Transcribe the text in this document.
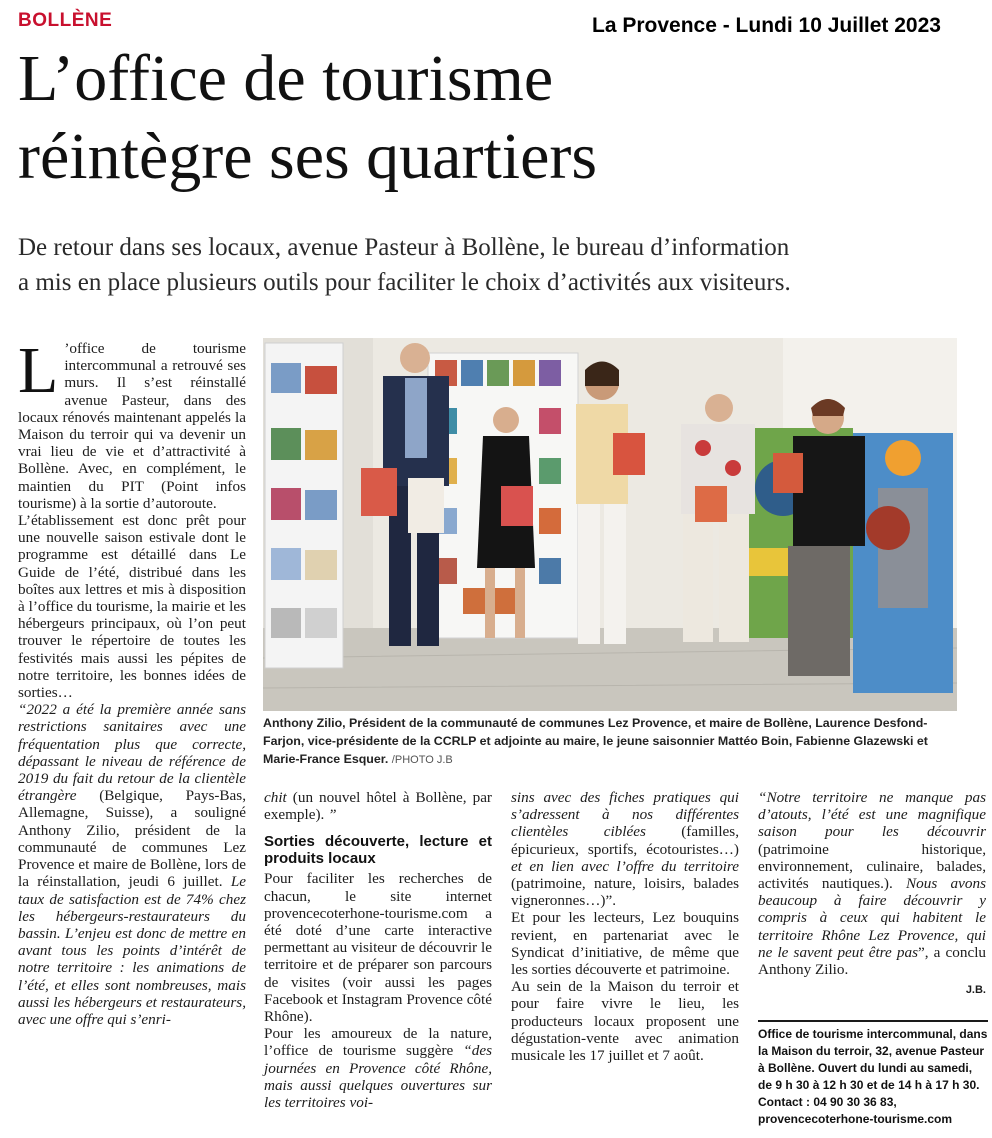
BOLLÈNE	La Provence - Lundi 10 Juillet 2023
L’office de tourisme
réintègre ses quartiers
De retour dans ses locaux, avenue Pasteur à Bollène, le bureau d’information
a mis en place plusieurs outils pour faciliter le choix d’activités aux visiteurs.

L ’office de tourisme intercommunal a retrouvé ses murs. Il s’est réinstallé avenue Pasteur, dans des locaux rénovés maintenant appelés la Maison du terroir qui va devenir un vrai lieu de vie et d’attractivité à Bollène. Avec, en complément, le maintien du PIT (Point infos tourisme) à la sortie d’autoroute.

L’établissement est donc prêt pour une nouvelle saison estivale dont le programme est détaillé dans Le Guide de l’été, distribué dans les boîtes aux lettres et mis à disposition à l’office du tourisme, la mairie et les hébergeurs principaux, où l’on peut trouver le répertoire de toutes les festivités mais aussi les pépites de notre territoire, les bonnes idées de sorties…

“2022 a été la première année sans restrictions sanitaires avec une fréquentation plus que correcte, dépassant le niveau de référence de 2019 du fait du retour de la clientèle étrangère (Belgique, Pays-Bas, Allemagne, Suisse), a souligné Anthony Zilio, président de la communauté de communes Lez Provence et maire de Bollène, lors de la réinstallation, jeudi 6 juillet. Le taux de satisfaction est de 74% chez les hébergeurs-restaurateurs du bassin. L’enjeu est donc de mettre en avant tous les points d’intérêt de notre territoire : les animations de l’été, et elles sont nombreuses, mais aussi les hébergeurs et restaurateurs, avec une offre qui s’enri-

Anthony Zilio, Président de la communauté de communes Lez Provence, et maire de Bollène, Laurence Desfond-Farjon, vice-présidente de la CCRLP et adjointe au maire, le jeune saisonnier Mattéo Boin, Fabienne Glazewski et Marie-France Esquer. /PHOTO J.B

chit (un nouvel hôtel à Bollène, par exemple). ”

Sorties découverte, lecture et produits locaux

Pour faciliter les recherches de chacun, le site internet provencecoterhone-tourisme.com a été doté d’une carte interactive permettant au visiteur de découvrir le territoire et de préparer son parcours de visites (voir aussi les pages Facebook et Instagram Provence côté Rhône).

Pour les amoureux de la nature, l’office de tourisme suggère “des journées en Provence côté Rhône, mais aussi quelques ouvertures sur les territoires voi-

sins avec des fiches pratiques qui s’adressent à nos différentes clientèles ciblées (familles, épicurieux, sportifs, écotouristes…) et en lien avec l’offre du territoire (patrimoine, nature, loisirs, balades vigneronnes…)”.

Et pour les lecteurs, Lez bouquins revient, en partenariat avec le Syndicat d’initiative, de même que les sorties découverte et patrimoine.

Au sein de la Maison du terroir et pour faire vivre le lieu, les producteurs locaux proposent une dégustation-vente avec animation musicale les 17 juillet et 7 août.

“Notre territoire ne manque pas d’atouts, l’été est une magnifique saison pour les découvrir (patrimoine historique, environnement, culinaire, balades, activités nautiques.). Nous avons beaucoup à faire découvrir y compris à ceux qui habitent le territoire Rhône Lez Provence, qui ne le savent peut être pas”, a conclu Anthony Zilio.

J.B.
Office de tourisme intercommunal, dans la Maison du terroir, 32, avenue Pasteur à Bollène. Ouvert du lundi au samedi, de 9 h 30 à 12 h 30 et de 14 h à 17 h 30. Contact : 04 90 30 36 83, provencecoterhone-tourisme.com
